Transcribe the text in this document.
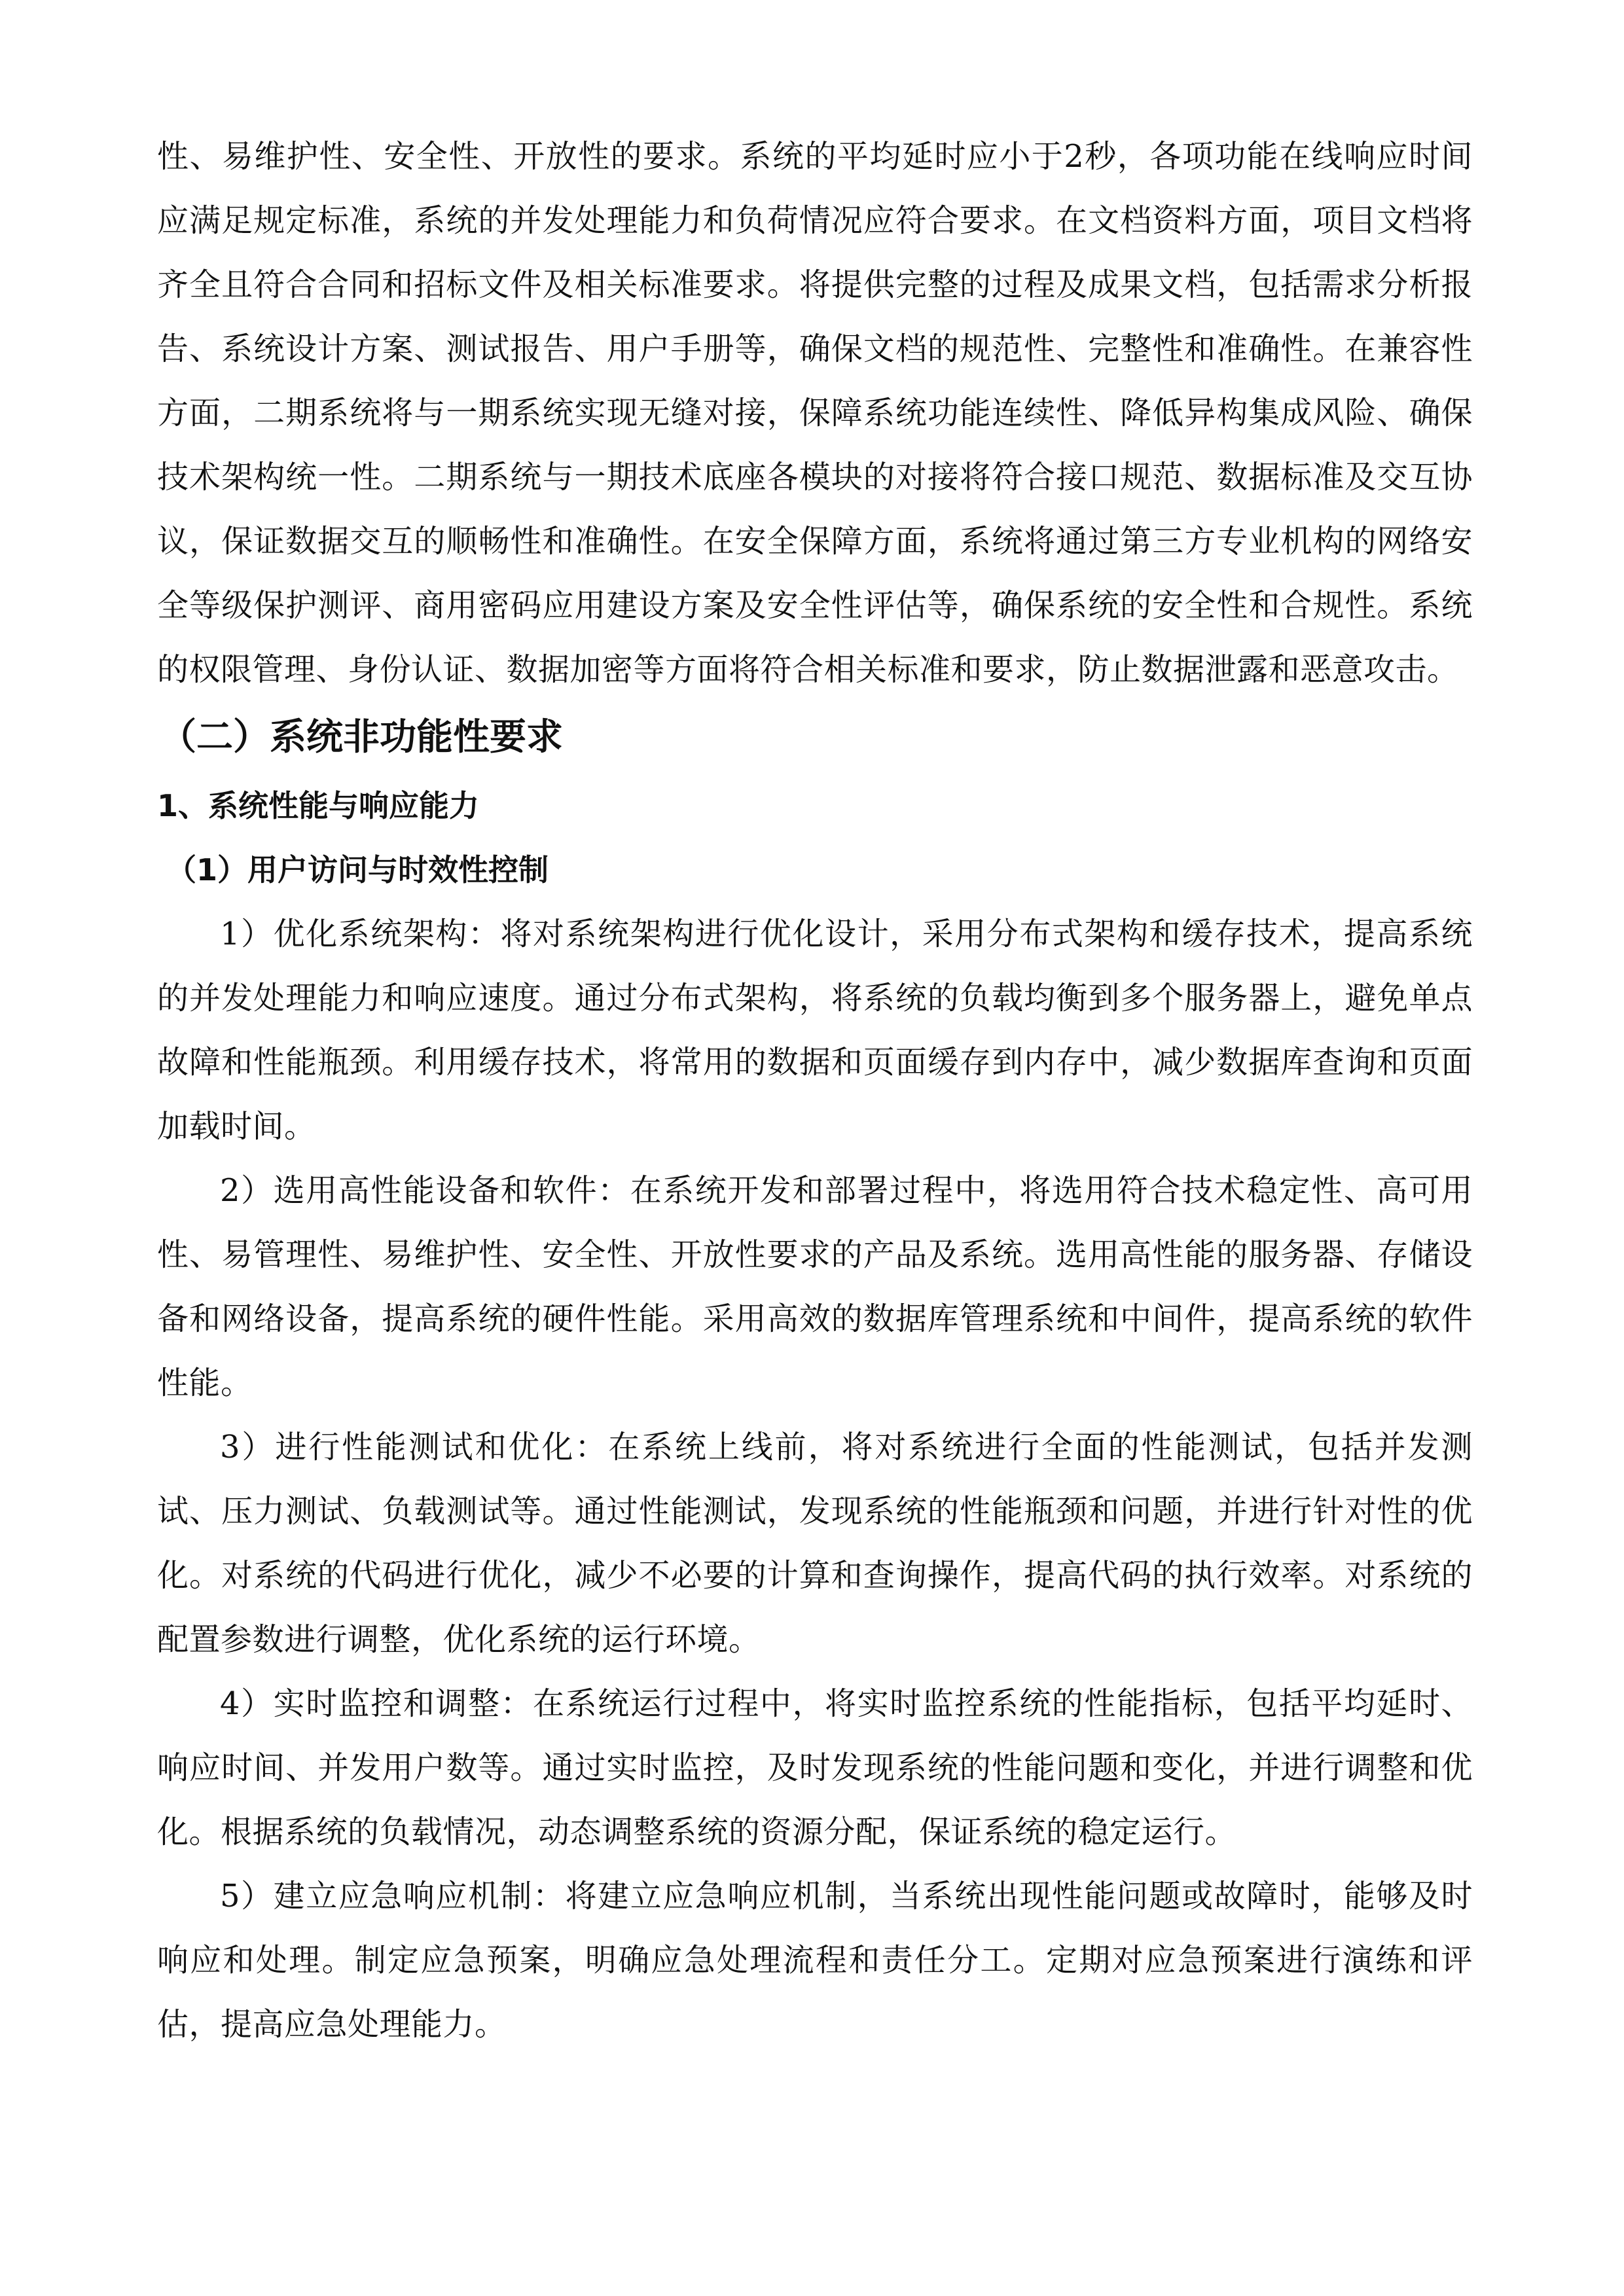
性、易维护性、安全性、开放性的要求。系统的平均延时应小于2秒，各项功能在线响应时间应满足规定标准，系统的并发处理能力和负荷情况应符合要求。在文档资料方面，项目文档将齐全且符合合同和招标文件及相关标准要求。将提供完整的过程及成果文档，包括需求分析报告、系统设计方案、测试报告、用户手册等，确保文档的规范性、完整性和准确性。在兼容性方面，二期系统将与一期系统实现无缝对接，保障系统功能连续性、降低异构集成风险、确保技术架构统一性。二期系统与一期技术底座各模块的对接将符合接口规范、数据标准及交互协议，保证数据交互的顺畅性和准确性。在安全保障方面，系统将通过第三方专业机构的网络安全等级保护测评、商用密码应用建设方案及安全性评估等，确保系统的安全性和合规性。系统的权限管理、身份认证、数据加密等方面将符合相关标准和要求，防止数据泄露和恶意攻击。

（二）系统非功能性要求
1、系统性能与响应能力
（1）用户访问与时效性控制

1）优化系统架构：将对系统架构进行优化设计，采用分布式架构和缓存技术，提高系统的并发处理能力和响应速度。通过分布式架构，将系统的负载均衡到多个服务器上，避免单点故障和性能瓶颈。利用缓存技术，将常用的数据和页面缓存到内存中，减少数据库查询和页面加载时间。

2）选用高性能设备和软件：在系统开发和部署过程中，将选用符合技术稳定性、高可用性、易管理性、易维护性、安全性、开放性要求的产品及系统。选用高性能的服务器、存储设备和网络设备，提高系统的硬件性能。采用高效的数据库管理系统和中间件，提高系统的软件性能。

3）进行性能测试和优化：在系统上线前，将对系统进行全面的性能测试，包括并发测试、压力测试、负载测试等。通过性能测试，发现系统的性能瓶颈和问题，并进行针对性的优化。对系统的代码进行优化，减少不必要的计算和查询操作，提高代码的执行效率。对系统的配置参数进行调整，优化系统的运行环境。

4）实时监控和调整：在系统运行过程中，将实时监控系统的性能指标，包括平均延时、响应时间、并发用户数等。通过实时监控，及时发现系统的性能问题和变化，并进行调整和优化。根据系统的负载情况，动态调整系统的资源分配，保证系统的稳定运行。

5）建立应急响应机制：将建立应急响应机制，当系统出现性能问题或故障时，能够及时响应和处理。制定应急预案，明确应急处理流程和责任分工。定期对应急预案进行演练和评估，提高应急处理能力。
